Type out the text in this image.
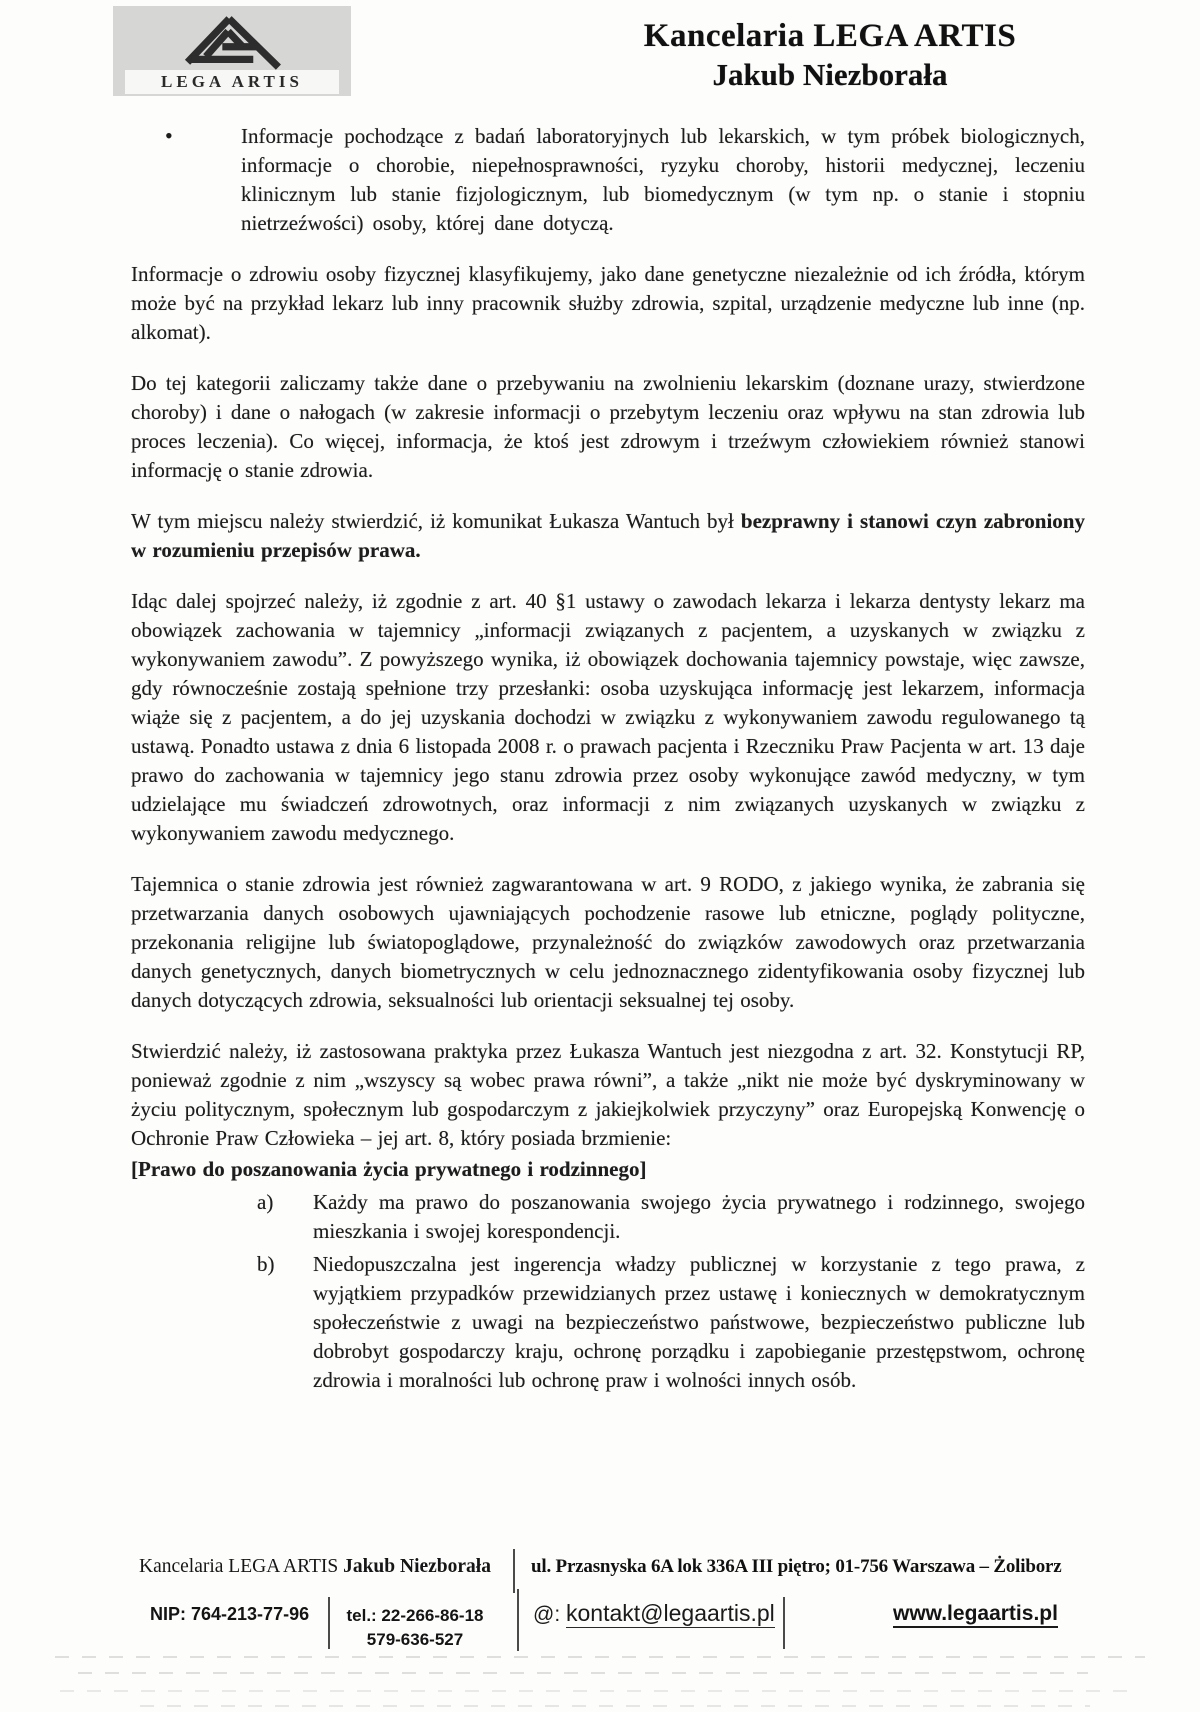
LEGA ARTIS
Kancelaria LEGA ARTIS
Jakub Niezborała
•	Informacje pochodzące z badań laboratoryjnych lub lekarskich, w tym próbek biologicznych, informacje o chorobie, niepełnosprawności, ryzyku choroby, historii medycznej, leczeniu klinicznym lub stanie fizjologicznym, lub biomedycznym (w tym np. o stanie i stopniu nietrzeźwości) osoby, której dane dotyczą.

Informacje o zdrowiu osoby fizycznej klasyfikujemy, jako dane genetyczne niezależnie od ich źródła, którym może być na przykład lekarz lub inny pracownik służby zdrowia, szpital, urządzenie medyczne lub inne (np. alkomat).

Do tej kategorii zaliczamy także dane o przebywaniu na zwolnieniu lekarskim (doznane urazy, stwierdzone choroby) i dane o nałogach (w zakresie informacji o przebytym leczeniu oraz wpływu na stan zdrowia lub proces leczenia). Co więcej, informacja, że ktoś jest zdrowym i trzeźwym człowiekiem również stanowi informację o stanie zdrowia.

W tym miejscu należy stwierdzić, iż komunikat Łukasza Wantuch był bezprawny i stanowi czyn zabroniony w rozumieniu przepisów prawa.

Idąc dalej spojrzeć należy, iż zgodnie z art. 40 §1 ustawy o zawodach lekarza i lekarza dentysty lekarz ma obowiązek zachowania w tajemnicy „informacji związanych z pacjentem, a uzyskanych w związku z wykonywaniem zawodu”. Z powyższego wynika, iż obowiązek dochowania tajemnicy powstaje, więc zawsze, gdy równocześnie zostają spełnione trzy przesłanki: osoba uzyskująca informację jest lekarzem, informacja wiąże się z pacjentem, a do jej uzyskania dochodzi w związku z wykonywaniem zawodu regulowanego tą ustawą. Ponadto ustawa z dnia 6 listopada 2008 r. o prawach pacjenta i Rzeczniku Praw Pacjenta w art. 13 daje prawo do zachowania w tajemnicy jego stanu zdrowia przez osoby wykonujące zawód medyczny, w tym udzielające mu świadczeń zdrowotnych, oraz informacji z nim związanych uzyskanych w związku z wykonywaniem zawodu medycznego.

Tajemnica o stanie zdrowia jest również zagwarantowana w art. 9 RODO, z jakiego wynika, że zabrania się przetwarzania danych osobowych ujawniających pochodzenie rasowe lub etniczne, poglądy polityczne, przekonania religijne lub światopoglądowe, przynależność do związków zawodowych oraz przetwarzania danych genetycznych, danych biometrycznych w celu jednoznacznego zidentyfikowania osoby fizycznej lub danych dotyczących zdrowia, seksualności lub orientacji seksualnej tej osoby.

Stwierdzić należy, iż zastosowana praktyka przez Łukasza Wantuch jest niezgodna z art. 32. Konstytucji RP, ponieważ zgodnie z nim „wszyscy są wobec prawa równi”, a także „nikt nie może być dyskryminowany w życiu politycznym, społecznym lub gospodarczym z jakiejkolwiek przyczyny” oraz Europejską Konwencję o Ochronie Praw Człowieka – jej art. 8, który posiada brzmienie:

[Prawo do poszanowania życia prywatnego i rodzinnego]

a) Każdy ma prawo do poszanowania swojego życia prywatnego i rodzinnego, swojego mieszkania i swojej korespondencji.
b) Niedopuszczalna jest ingerencja władzy publicznej w korzystanie z tego prawa, z wyjątkiem przypadków przewidzianych przez ustawę i koniecznych w demokratycznym społeczeństwie z uwagi na bezpieczeństwo państwowe, bezpieczeństwo publiczne lub dobrobyt gospodarczy kraju, ochronę porządku i zapobieganie przestępstwom, ochronę zdrowia i moralności lub ochronę praw i wolności innych osób.
Kancelaria LEGA ARTIS Jakub Niezborała ul. Przasnyska 6A lok 336A III piętro; 01-756 Warszawa – Żoliborz
NIP: 764-213-77-96 tel.: 22-266-86-18
579-636-527
@: kontakt@legaartis.pl	www.legaartis.pl
